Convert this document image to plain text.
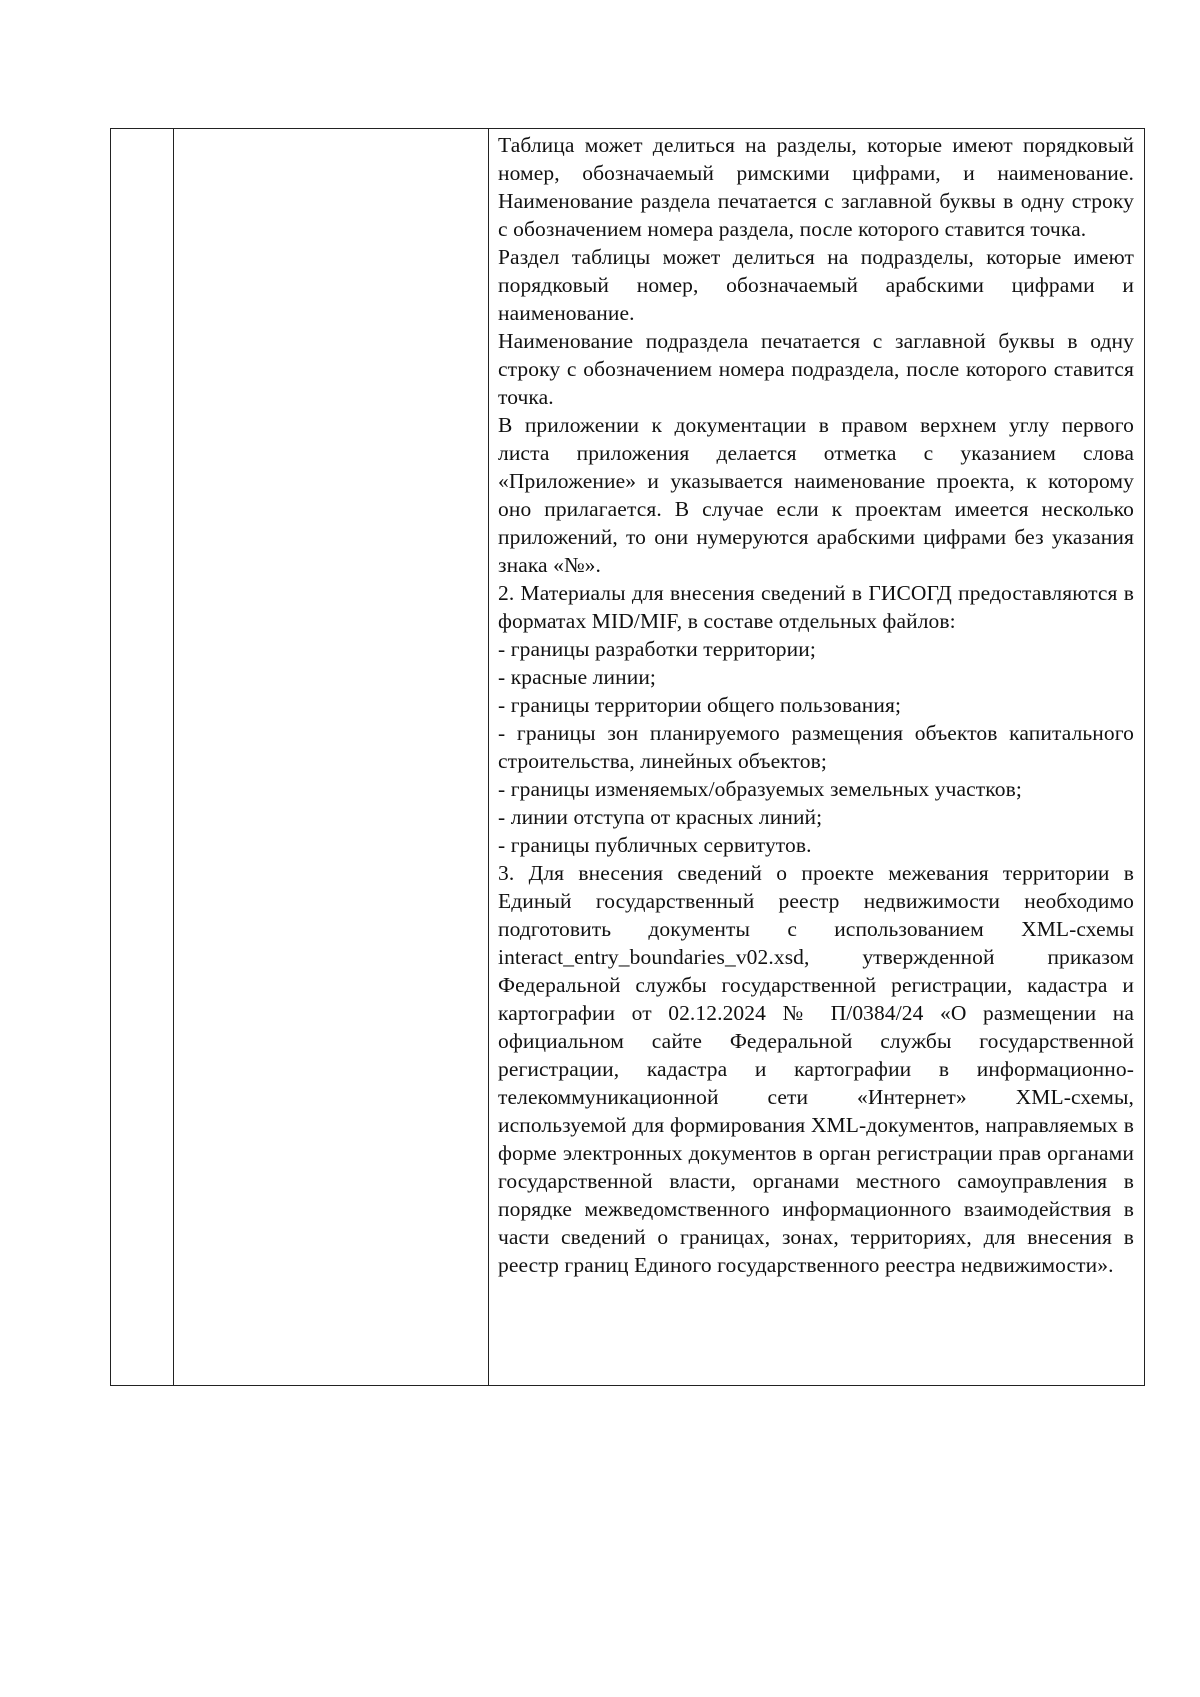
Таблица может делиться на разделы, которые имеют порядковый номер, обозначаемый римскими цифрами, и наименование. Наименование раздела печатается с заглавной буквы в одну строку с обозначением номера раздела, после которого ставится точка.

Раздел таблицы может делиться на подразделы, которые имеют порядковый номер, обозначаемый арабскими цифрами и наименование.

Наименование подраздела печатается с заглавной буквы в одну строку с обозначением номера подраздела, после которого ставится точка.

В приложении к документации в правом верхнем углу первого листа приложения делается отметка с указанием слова «Приложение» и указывается наименование проекта, к которому оно прилагается. В случае если к проектам имеется несколько приложений, то они нумеруются арабскими цифрами без указания знака «№».

2. Материалы для внесения сведений в ГИСОГД предоставляются в форматах MID/MIF, в составе отдельных файлов:

- границы разработки территории;

- красные линии;

- границы территории общего пользования;

- границы зон планируемого размещения объектов капитального строительства, линейных объектов;

- границы изменяемых/образуемых земельных участков;

- линии отступа от красных линий;

- границы публичных сервитутов.

3. Для внесения сведений о проекте межевания территории в Единый государственный реестр недвижимости необходимо подготовить документы с использованием XML-схемы interact_entry_boundaries_v02.xsd, утвержденной приказом Федеральной службы государственной регистрации, кадастра и картографии от 02.12.2024 № П/0384/24 «О размещении на официальном сайте Федеральной службы государственной регистрации, кадастра и картографии в информационно-телекоммуникационной сети «Интернет» XML-схемы, используемой для формирования XML-документов, направляемых в форме электронных документов в орган регистрации прав органами государственной власти, органами местного самоуправления в порядке межведомственного информационного взаимодействия в части сведений о границах, зонах, территориях, для внесения в реестр границ Единого государственного реестра недвижимости».
